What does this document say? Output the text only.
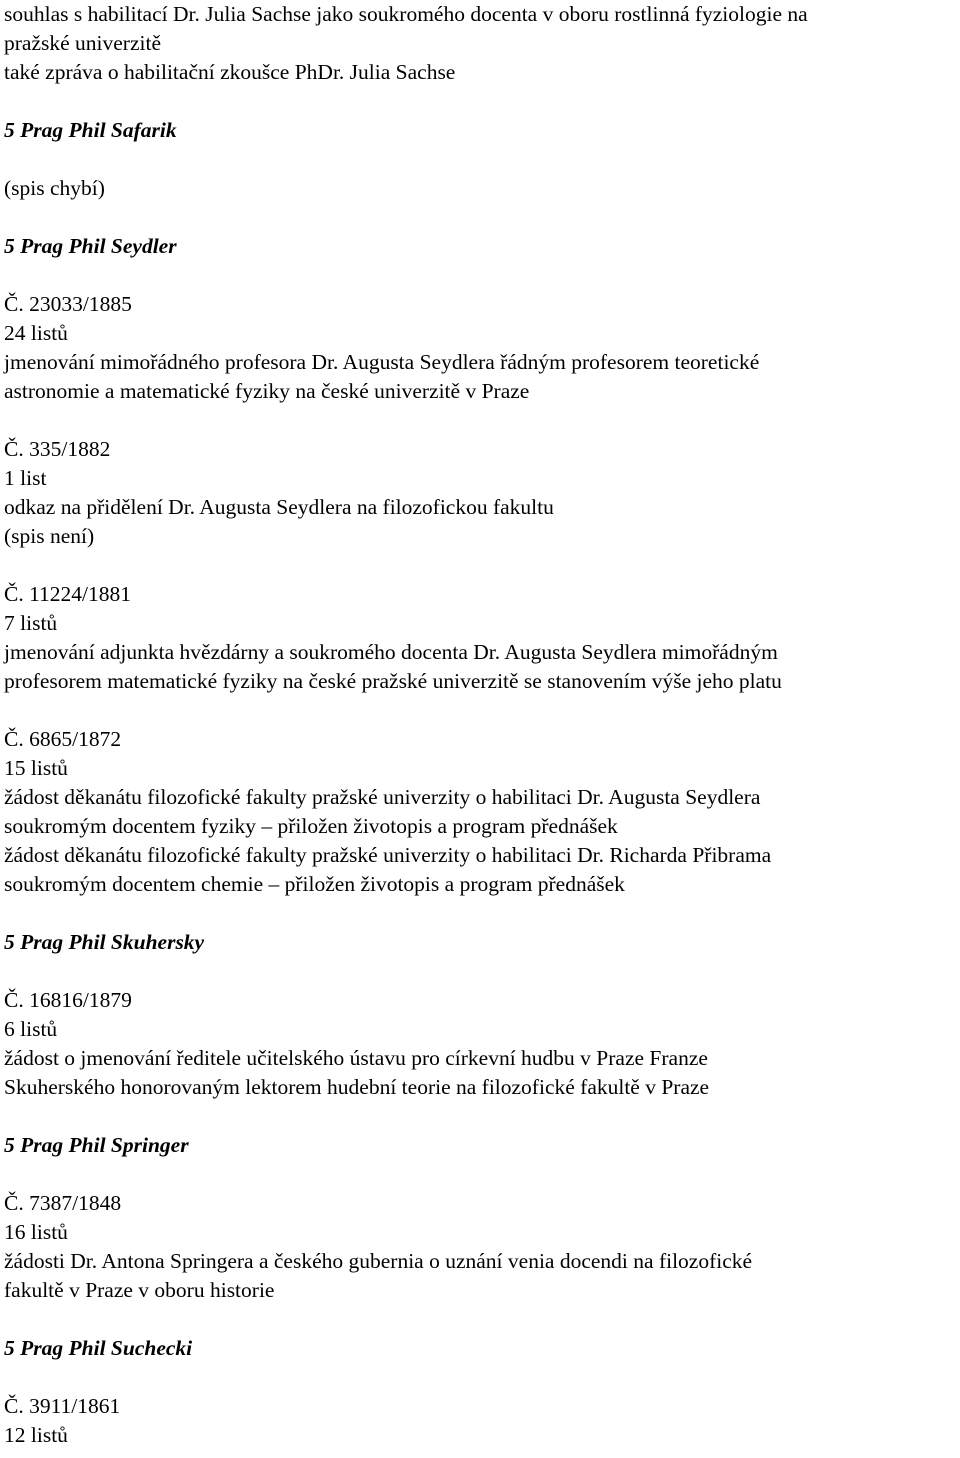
souhlas s habilitací Dr. Julia Sachse jako soukromého docenta v oboru rostlinná fyziologie na
pražské univerzitě
také zpráva o habilitační zkoušce PhDr. Julia Sachse
5 Prag Phil Safarik
(spis chybí)
5 Prag Phil Seydler
Č. 23033/1885
24 listů
jmenování mimořádného profesora Dr. Augusta Seydlera řádným profesorem teoretické
astronomie a matematické fyziky na české univerzitě v Praze
Č. 335/1882
1 list
odkaz na přidělení Dr. Augusta Seydlera na filozofickou fakultu
(spis není)
Č. 11224/1881
7 listů
jmenování adjunkta hvězdárny a soukromého docenta Dr. Augusta Seydlera mimořádným
profesorem matematické fyziky na české pražské univerzitě se stanovením výše jeho platu
Č. 6865/1872
15 listů
žádost děkanátu filozofické fakulty pražské univerzity o habilitaci Dr. Augusta Seydlera
soukromým docentem fyziky – přiložen životopis a program přednášek
žádost děkanátu filozofické fakulty pražské univerzity o habilitaci Dr. Richarda Přibrama
soukromým docentem chemie – přiložen životopis a program přednášek
5 Prag Phil Skuhersky
Č. 16816/1879
6 listů
žádost o jmenování ředitele učitelského ústavu pro církevní hudbu v Praze Franze
Skuherského honorovaným lektorem hudební teorie na filozofické fakultě v Praze
5 Prag Phil Springer
Č. 7387/1848
16 listů
žádosti Dr. Antona Springera a českého gubernia o uznání venia docendi na filozofické
fakultě v Praze v oboru historie
5 Prag Phil Suchecki
Č. 3911/1861
12 listů
